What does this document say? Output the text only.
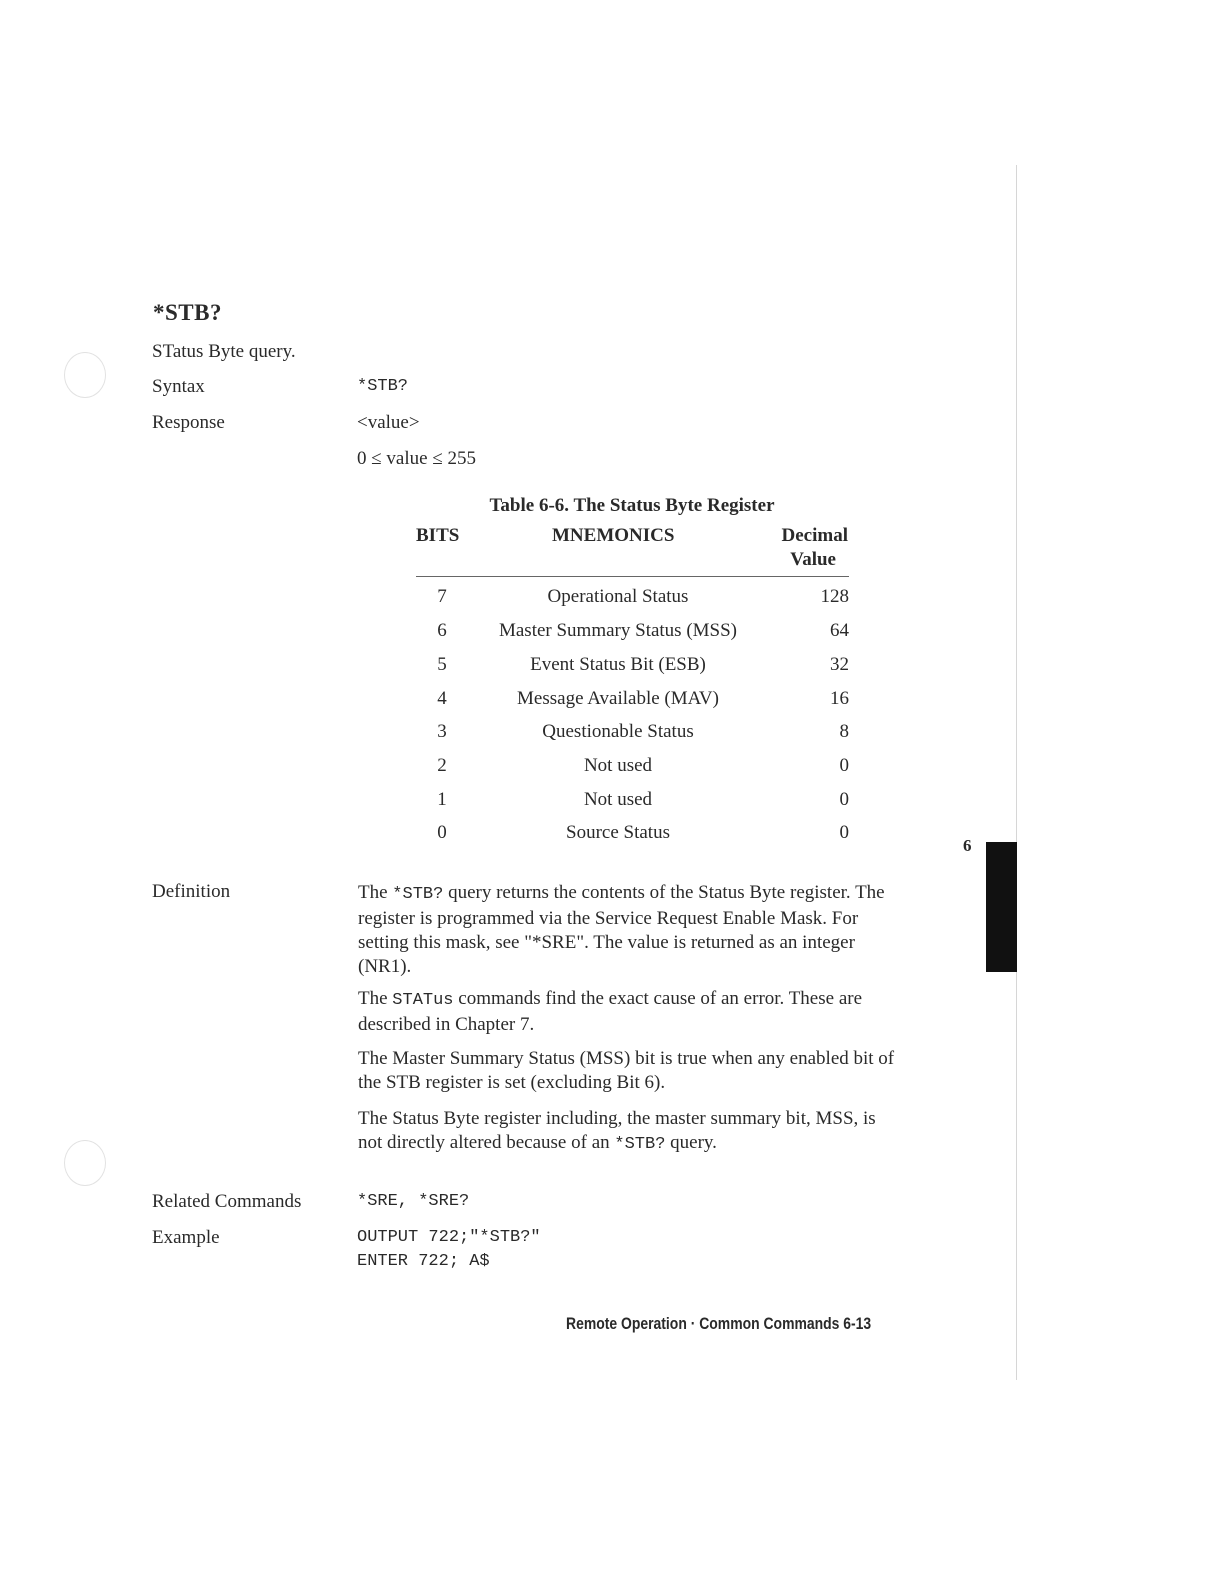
*STB?
STatus Byte query.
Syntax	*STB?
Response	<value>
0 ≤ value ≤ 255
Table 6-6. The Status Byte Register
BITS	MNEMONICS	Decimal
Value
7	Operational Status	128
6	Master Summary Status (MSS)	64
5	Event Status Bit (ESB)	32
4	Message Available (MAV)	16
3	Questionable Status	8
2	Not used	0
1	Not used	0
0	Source Status	0
6
Definition	The *STB? query returns the contents of the Status Byte register. The register is programmed via the Service Request Enable Mask. For setting this mask, see "*SRE". The value is returned as an integer (NR1).

The STATus commands find the exact cause of an error. These are described in Chapter 7.

The Master Summary Status (MSS) bit is true when any enabled bit of the STB register is set (excluding Bit 6).

The Status Byte register including, the master summary bit, MSS, is not directly altered because of an *STB? query.

Related Commands	*SRE, *SRE?
Example	OUTPUT 722;"*STB?"
ENTER 722; A$
Remote Operation · Common Commands 6-13
